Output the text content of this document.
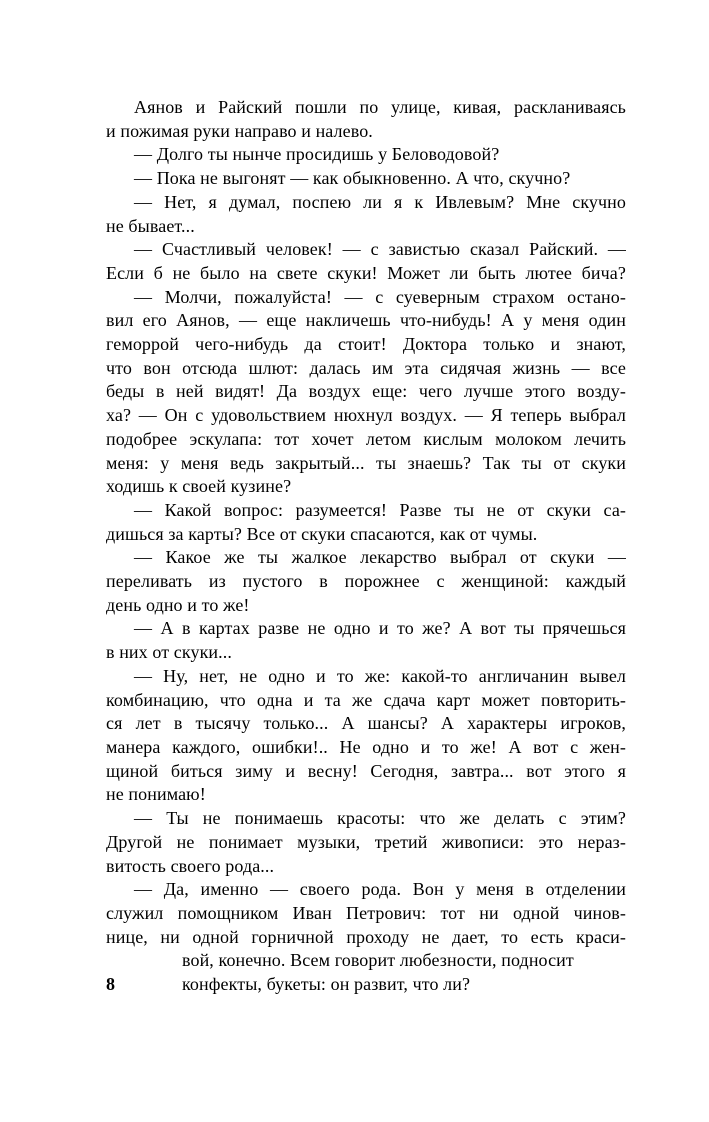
Аянов и Райский пошли по улице, кивая, раскланиваясь
и пожимая руки направо и налево.
— Долго ты нынче просидишь у Беловодовой?
— Пока не выгонят — как обыкновенно. А что, скучно?
— Нет, я думал, поспею ли я к Ивлевым? Мне скучно
не бывает...
— Счастливый человек! — с завистью сказал Райский. —
Если б не было на свете скуки! Может ли быть лютее бича?
— Молчи, пожалуйста! — с суеверным страхом остано-
вил его Аянов, — еще накличешь что-нибудь! А у меня один
геморрой чего-нибудь да стоит! Доктора только и знают,
что вон отсюда шлют: далась им эта сидячая жизнь — все
беды в ней видят! Да воздух еще: чего лучше этого возду-
ха? — Он с удовольствием нюхнул воздух. — Я теперь выбрал
подобрее эскулапа: тот хочет летом кислым молоком лечить
меня: у меня ведь закрытый... ты знаешь? Так ты от скуки
ходишь к своей кузине?
— Какой вопрос: разумеется! Разве ты не от скуки са-
дишься за карты? Все от скуки спасаются, как от чумы.
— Какое же ты жалкое лекарство выбрал от скуки —
переливать из пустого в порожнее с женщиной: каждый
день одно и то же!
— А в картах разве не одно и то же? А вот ты прячешься
в них от скуки...
— Ну, нет, не одно и то же: какой-то англичанин вывел
комбинацию, что одна и та же сдача карт может повторить-
ся лет в тысячу только... А шансы? А характеры игроков,
манера каждого, ошибки!.. Не одно и то же! А вот с жен-
щиной биться зиму и весну! Сегодня, завтра... вот этого я
не понимаю!
— Ты не понимаешь красоты: что же делать с этим?
Другой не понимает музыки, третий живописи: это нераз-
витость своего рода...
— Да, именно — своего рода. Вон у меня в отделении
служил помощником Иван Петрович: тот ни одной чинов-
нице, ни одной горничной проходу не дает, то есть краси-
8
вой, конечно. Всем говорит любезности, подносит
конфекты, букеты: он развит, что ли?
